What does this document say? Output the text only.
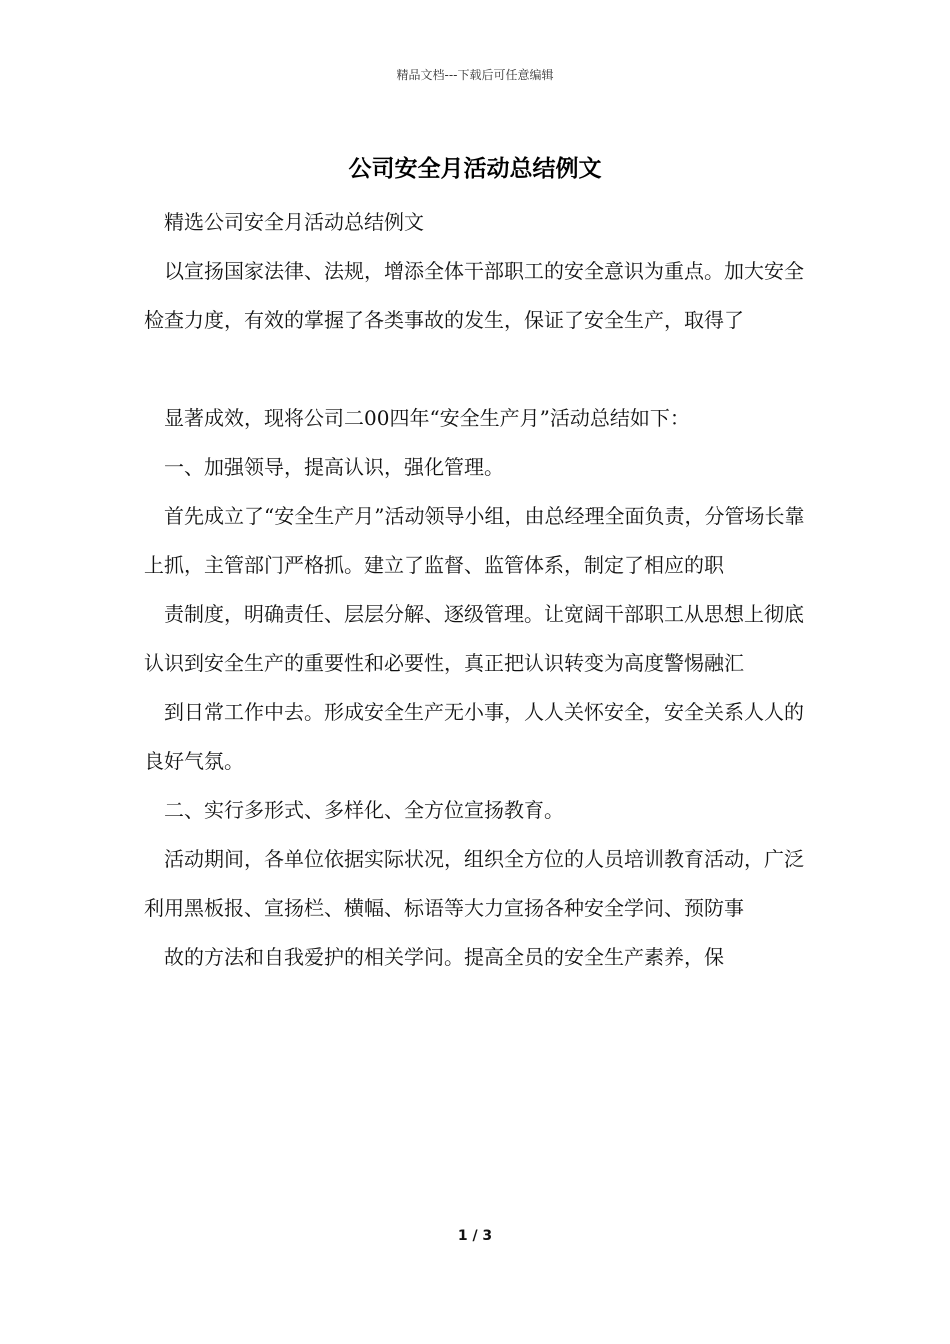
精品文档---下载后可任意编辑
公司安全月活动总结例文

　精选公司安全月活动总结例文

　以宣扬国家法律、法规，增添全体干部职工的安全意识为重点。加大安全检查力度，有效的掌握了各类事故的发生，保证了安全生产，取得了

　显著成效，现将公司二00四年“安全生产月”活动总结如下：

　一、加强领导，提高认识，强化管理。

　首先成立了“安全生产月”活动领导小组，由总经理全面负责，分管场长靠上抓，主管部门严格抓。建立了监督、监管体系，制定了相应的职

　责制度，明确责任、层层分解、逐级管理。让宽阔干部职工从思想上彻底认识到安全生产的重要性和必要性，真正把认识转变为高度警惕融汇

　到日常工作中去。形成安全生产无小事，人人关怀安全，安全关系人人的良好气氛。

　二、实行多形式、多样化、全方位宣扬教育。

　活动期间，各单位依据实际状况，组织全方位的人员培训教育活动，广泛利用黑板报、宣扬栏、横幅、标语等大力宣扬各种安全学问、预防事

　故的方法和自我爱护的相关学问。提高全员的安全生产素养，保

1 / 3
